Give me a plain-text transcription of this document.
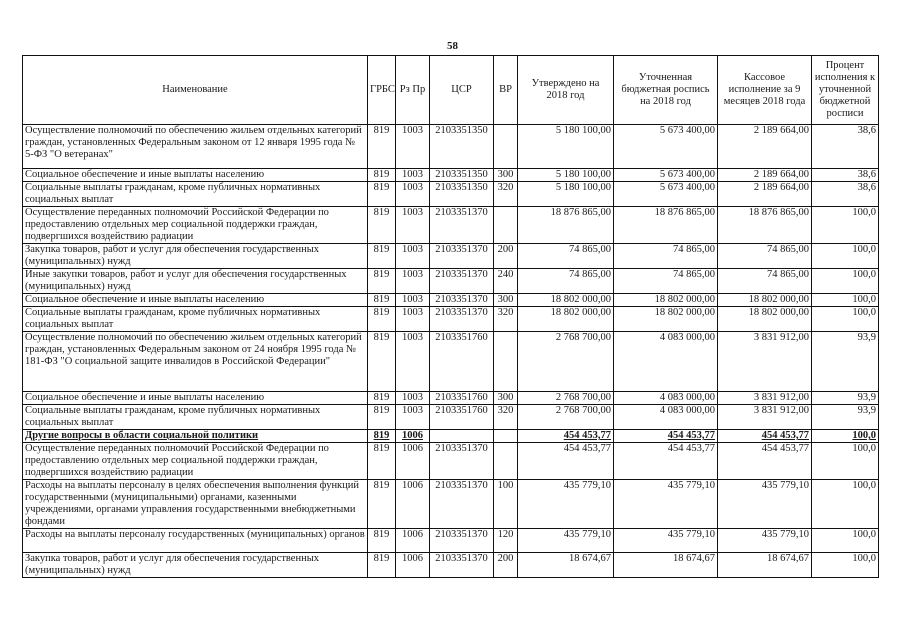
58
Наименование	ГРБС	Рз Пр	ЦСР	ВР	Утверждено на 2018 год	Уточненная бюджетная роспись на 2018 год	Кассовое исполнение за 9 месяцев 2018 года	Процент исполнения к уточненной бюджетной росписи
Осуществление полномочий по обеспечению жильем отдельных категорий граждан, установленных Федеральным законом от 12 января 1995 года № 5-ФЗ "О ветеранах"	819	1003	2103351350		5 180 100,00	5 673 400,00	2 189 664,00	38,6
Социальное обеспечение и иные выплаты населению	819	1003	2103351350	300	5 180 100,00	5 673 400,00	2 189 664,00	38,6
Социальные выплаты гражданам, кроме публичных нормативных социальных выплат	819	1003	2103351350	320	5 180 100,00	5 673 400,00	2 189 664,00	38,6
Осуществление переданных полномочий Российской Федерации по предоставлению отдельных мер социальной поддержки граждан, подвергшихся воздействию радиации	819	1003	2103351370		18 876 865,00	18 876 865,00	18 876 865,00	100,0
Закупка товаров, работ и услуг для обеспечения государственных (муниципальных) нужд	819	1003	2103351370	200	74 865,00	74 865,00	74 865,00	100,0
Иные закупки товаров, работ и услуг для обеспечения государственных (муниципальных) нужд	819	1003	2103351370	240	74 865,00	74 865,00	74 865,00	100,0
Социальное обеспечение и иные выплаты населению	819	1003	2103351370	300	18 802 000,00	18 802 000,00	18 802 000,00	100,0
Социальные выплаты гражданам, кроме публичных нормативных социальных выплат	819	1003	2103351370	320	18 802 000,00	18 802 000,00	18 802 000,00	100,0
Осуществление полномочий по обеспечению жильем отдельных категорий граждан, установленных Федеральным законом от 24 ноября 1995 года № 181-ФЗ "О социальной защите инвалидов в Российской Федерации"	819	1003	2103351760		2 768 700,00	4 083 000,00	3 831 912,00	93,9
Социальное обеспечение и иные выплаты населению	819	1003	2103351760	300	2 768 700,00	4 083 000,00	3 831 912,00	93,9
Социальные выплаты гражданам, кроме публичных нормативных социальных выплат	819	1003	2103351760	320	2 768 700,00	4 083 000,00	3 831 912,00	93,9
Другие вопросы в области социальной политики	819	1006			454 453,77	454 453,77	454 453,77	100,0
Осуществление переданных полномочий Российской Федерации по предоставлению отдельных мер социальной поддержки граждан, подвергшихся воздействию радиации	819	1006	2103351370		454 453,77	454 453,77	454 453,77	100,0
Расходы на выплаты персоналу в целях обеспечения выполнения функций государственными (муниципальными) органами, казенными учреждениями, органами управления государственными внебюджетными фондами	819	1006	2103351370	100	435 779,10	435 779,10	435 779,10	100,0
Расходы на выплаты персоналу государственных (муниципальных) органов	819	1006	2103351370	120	435 779,10	435 779,10	435 779,10	100,0
Закупка товаров, работ и услуг для обеспечения государственных (муниципальных) нужд	819	1006	2103351370	200	18 674,67	18 674,67	18 674,67	100,0
